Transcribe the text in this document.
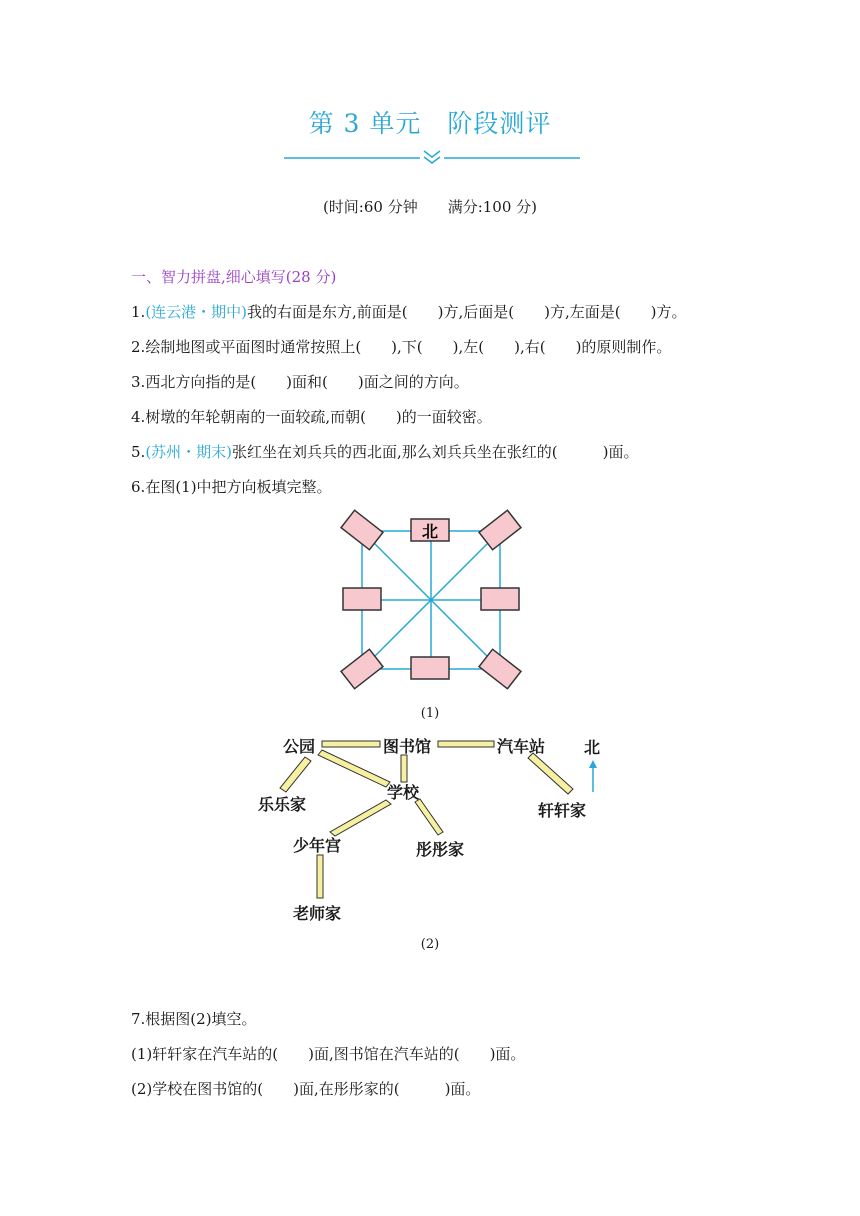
第 3 单元　阶段测评
(时间:60 分钟　　满分:100 分)
一、智力拼盘,细心填写(28 分)
1.(连云港・期中)我的右面是东方,前面是(　　)方,后面是(　　)方,左面是(　　)方。
2.绘制地图或平面图时通常按照上(　　),下(　　),左(　　),右(　　)的原则制作。
3.西北方向指的是(　　)面和(　　)面之间的方向。
4.树墩的年轮朝南的一面较疏,而朝(　　)的一面较密。
5.(苏州・期末)张红坐在刘兵兵的西北面,那么刘兵兵坐在张红的(　　　)面。
6.在图(1)中把方向板填完整。
北
(1)
公园	图书馆	汽车站
乐乐家
学校
轩轩家
少年宫	彤彤家
老师家
北
(2)
7.根据图(2)填空。
(1)轩轩家在汽车站的(　　)面,图书馆在汽车站的(　　)面。
(2)学校在图书馆的(　　)面,在彤彤家的(　　　)面。
